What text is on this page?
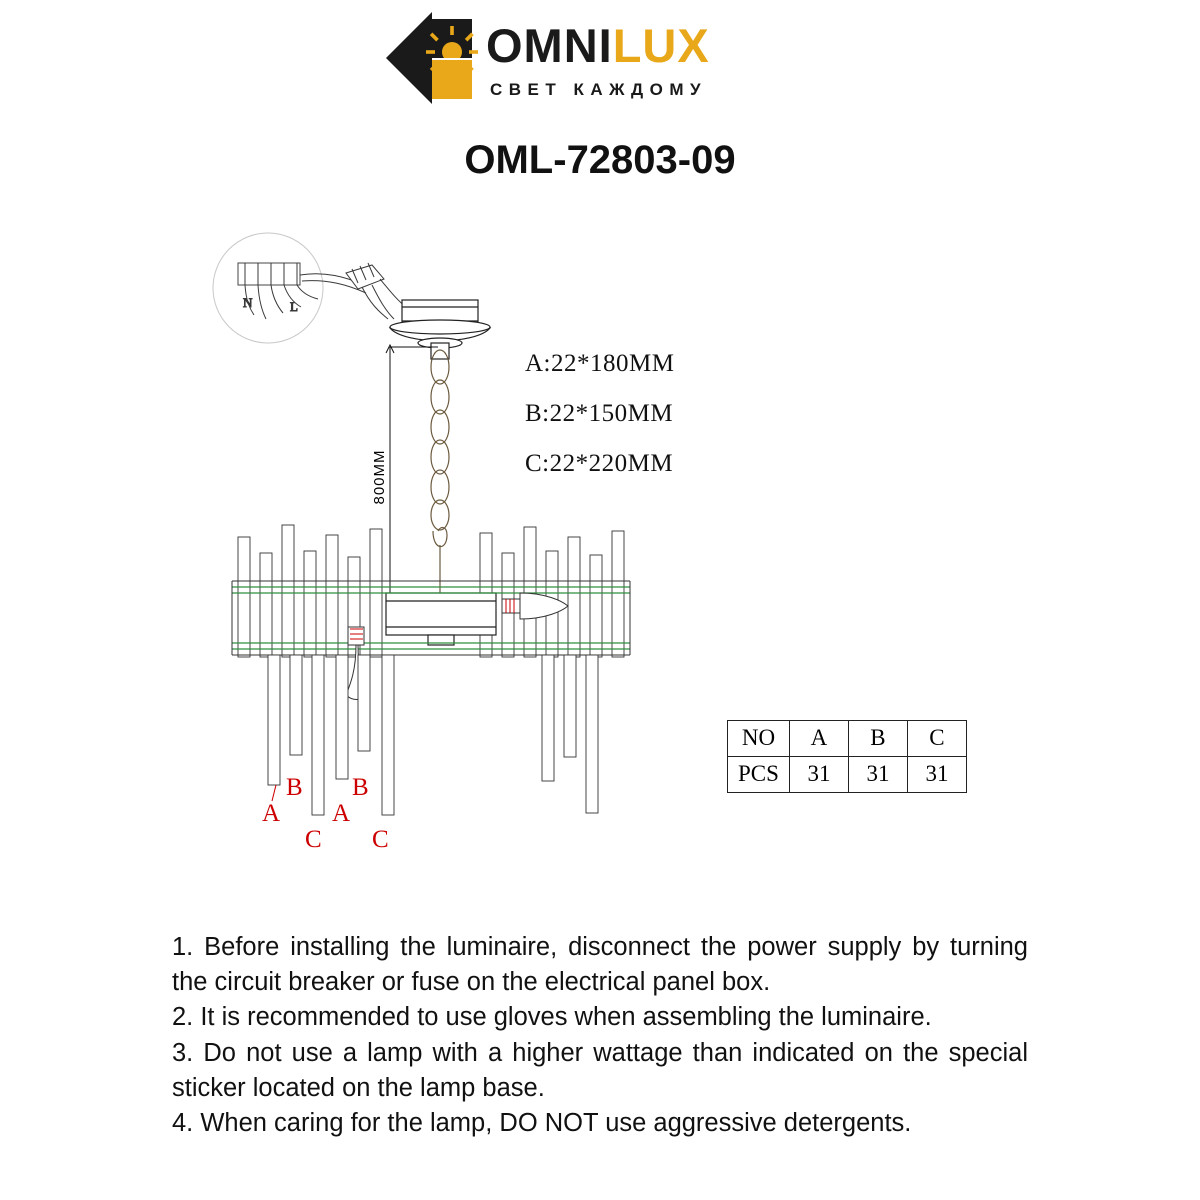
OMNILUX
СВЕТ КАЖДОМУ
OML-72803-09
A:22*180MM
B:22*150MM
C:22*220MM
N	L
800MM
A
B
C
A
B
C
NO	A	B	C
PCS	31	31	31

1. Before installing the luminaire, disconnect the power supply by turning the circuit breaker or fuse on the electrical panel box.

2. It is recommended to use gloves when assembling the luminaire.

3. Do not use a lamp with a higher wattage than indicated on the special sticker located on the lamp base.

4. When caring for the lamp, DO NOT use aggressive detergents.
